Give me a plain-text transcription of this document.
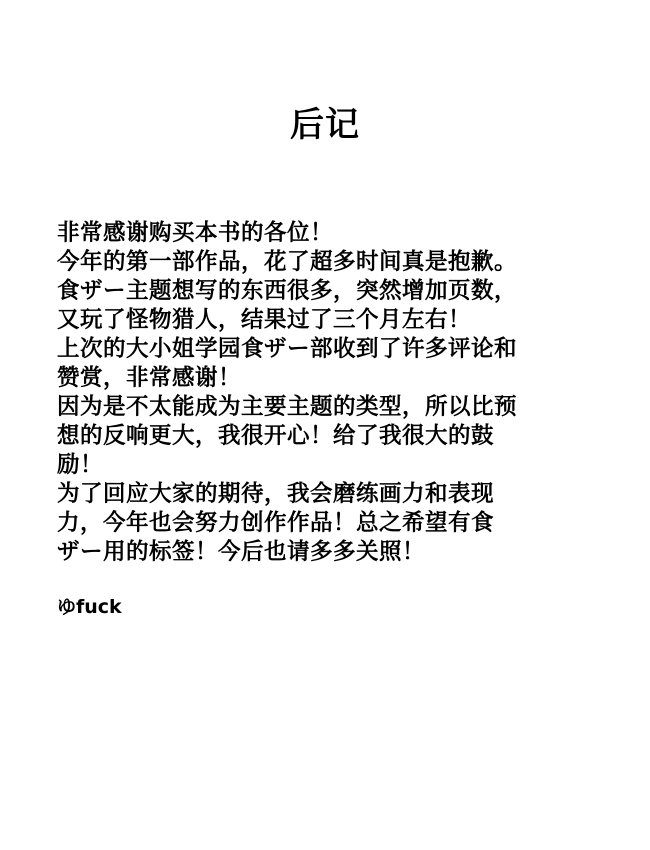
后记
非常感谢购买本书的各位！
今年的第一部作品，花了超多时间真是抱歉。
食ザー主题想写的东西很多，突然增加页数，
又玩了怪物猎人，结果过了三个月左右！
上次的大小姐学园食ザー部收到了许多评论和
赞赏，非常感谢！
因为是不太能成为主要主题的类型，所以比预
想的反响更大，我很开心！给了我很大的鼓
励！
为了回应大家的期待，我会磨练画力和表现
力，今年也会努力创作作品！总之希望有食
ザー用的标签！今后也请多多关照！
ゆfuck
